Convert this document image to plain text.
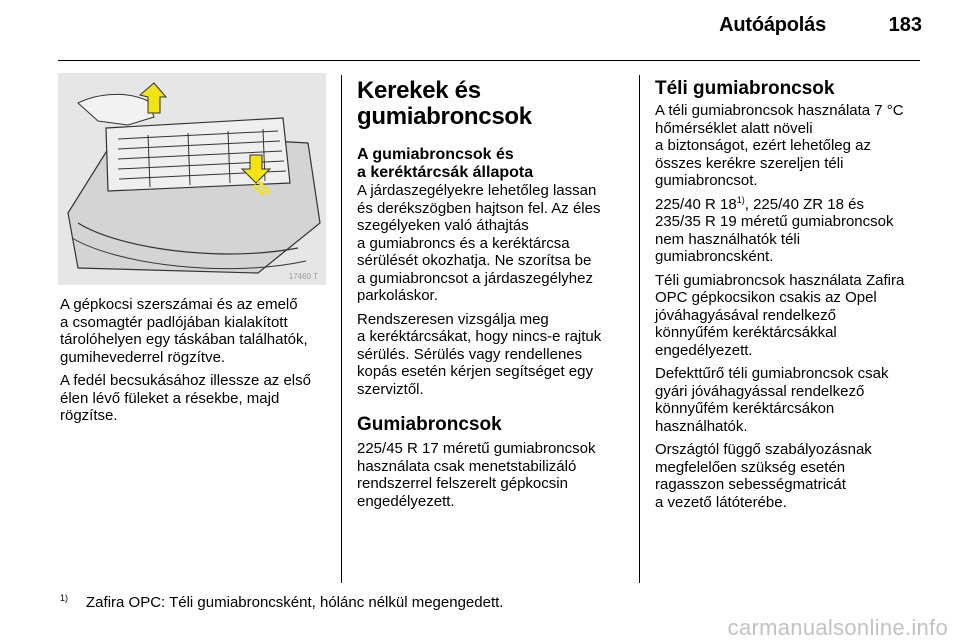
Autóápolás	183
17460 T

A gépkocsi szerszámai és az emelő
a csomagtér padlójában kialakított
tárolóhelyen egy táskában találhatók,
gumihevederrel rögzítve.

A fedél becsukásához illessze az első
élen lévő füleket a résekbe, majd
rögzítse.

Kerekek és
gumiabroncsok
A gumiabroncsok és
a keréktárcsák állapota

A járdaszegélyekre lehetőleg lassan
és derékszögben hajtson fel. Az éles
szegélyeken való áthajtás
a gumiabroncs és a keréktárcsa
sérülését okozhatja. Ne szorítsa be
a gumiabroncsot a járdaszegélyhez
parkoláskor.

Rendszeresen vizsgálja meg
a keréktárcsákat, hogy nincs-e rajtuk
sérülés. Sérülés vagy rendellenes
kopás esetén kérjen segítséget egy
szerviztől.

Gumiabroncsok

225/45 R 17 méretű gumiabroncsok
használata csak menetstabilizáló
rendszerrel felszerelt gépkocsin
engedélyezett.

Téli gumiabroncsok

A téli gumiabroncsok használata 7 °C
hőmérséklet alatt növeli
a biztonságot, ezért lehetőleg az
összes kerékre szereljen téli
gumiabroncsot.

225/40 R 18$^{1)}$, 225/40 ZR 18 és
235/35 R 19 méretű gumiabroncsok
nem használhatók téli
gumiabroncsként.

Téli gumiabroncsok használata Zafira
OPC gépkocsikon csakis az Opel
jóváhagyásával rendelkező
könnyűfém keréktárcsákkal
engedélyezett.

Defekttűrő téli gumiabroncsok csak
gyári jóváhagyással rendelkező
könnyűfém keréktárcsákon
használhatók.

Országtól függő szabályozásnak
megfelelően szükség esetén
ragasszon sebességmatricát
a vezető látóterébe.

$^{1)}$ Zafira OPC: Téli gumiabroncsként, hólánc nélkül megengedett.
carmanualsonline.info
